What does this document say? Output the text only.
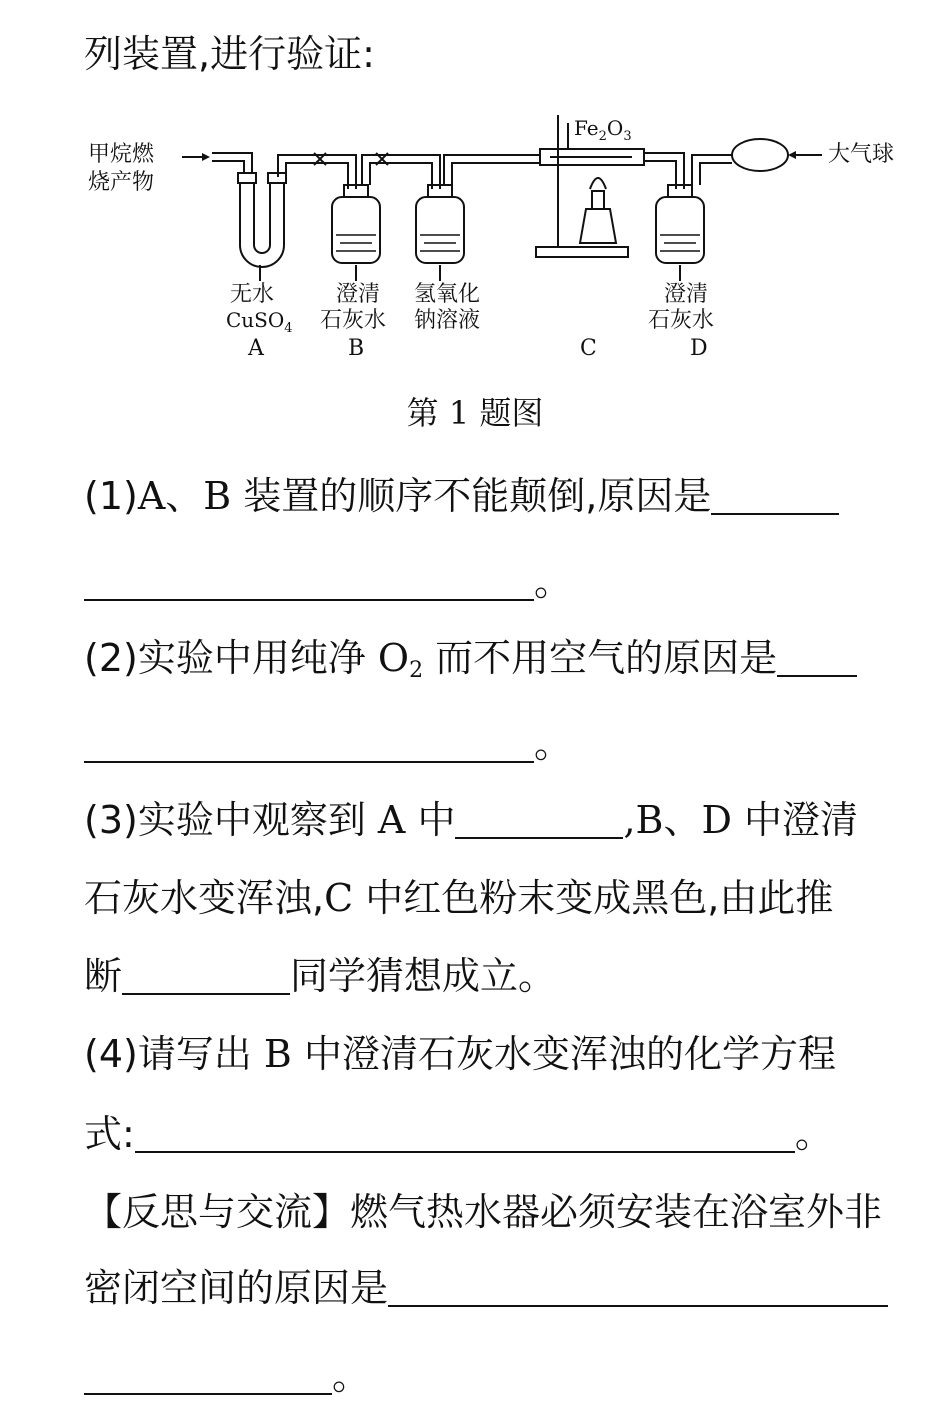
列装置,进行验证:
甲烷燃
烧产物
$Fe_2O_3$
大气球
无水
CuSO$_4$
A
澄清
石灰水
B
氢氧化
钠溶液
C
澄清
石灰水
D
第 1 题图
(1)A、B 装置的顺序不能颠倒,原因是
。
(2)实验中用纯净 $O_2$ 而不用空气的原因是
。
(3)实验中观察到 A 中	,B、D 中澄清
石灰水变浑浊,C 中红色粉末变成黑色,由此推
断	同学猜想成立。
(4)请写出 B 中澄清石灰水变浑浊的化学方程
式:	。
【反思与交流】燃气热水器必须安装在浴室外非
密闭空间的原因是
。
